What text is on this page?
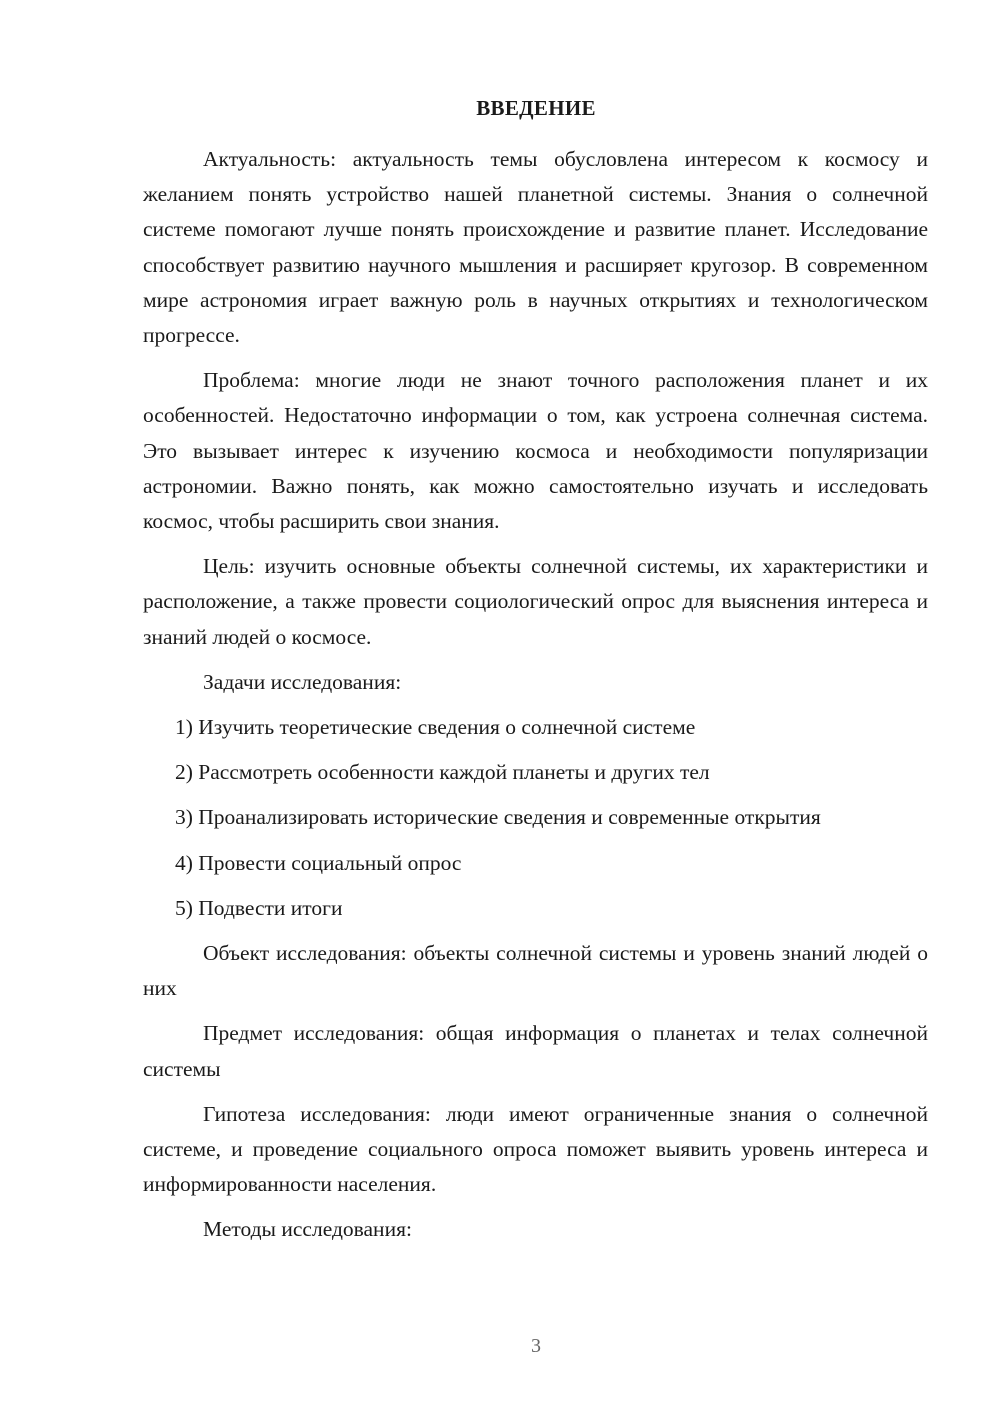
ВВЕДЕНИЕ

Актуальность: актуальность темы обусловлена интересом к космосу и желанием понять устройство нашей планетной системы. Знания о солнечной системе помогают лучше понять происхождение и развитие планет. Исследование способствует развитию научного мышления и расширяет кругозор. В современном мире астрономия играет важную роль в научных открытиях и технологическом прогрессе.

Проблема: многие люди не знают точного расположения планет и их особенностей. Недостаточно информации о том, как устроена солнечная система. Это вызывает интерес к изучению космоса и необходимости популяризации астрономии. Важно понять, как можно самостоятельно изучать и исследовать космос, чтобы расширить свои знания.

Цель: изучить основные объекты солнечной системы, их характеристики и расположение, а также провести социологический опрос для выяснения интереса и знаний людей о космосе.

Задачи исследования:

1) Изучить теоретические сведения о солнечной системе

2) Рассмотреть особенности каждой планеты и других тел

3) Проанализировать исторические сведения и современные открытия

4) Провести социальный опрос

5) Подвести итоги

Объект исследования: объекты солнечной системы и уровень знаний людей о них

Предмет исследования: общая информация о планетах и телах солнечной системы

Гипотеза исследования: люди имеют ограниченные знания о солнечной системе, и проведение социального опроса поможет выявить уровень интереса и информированности населения.

Методы исследования:

3
